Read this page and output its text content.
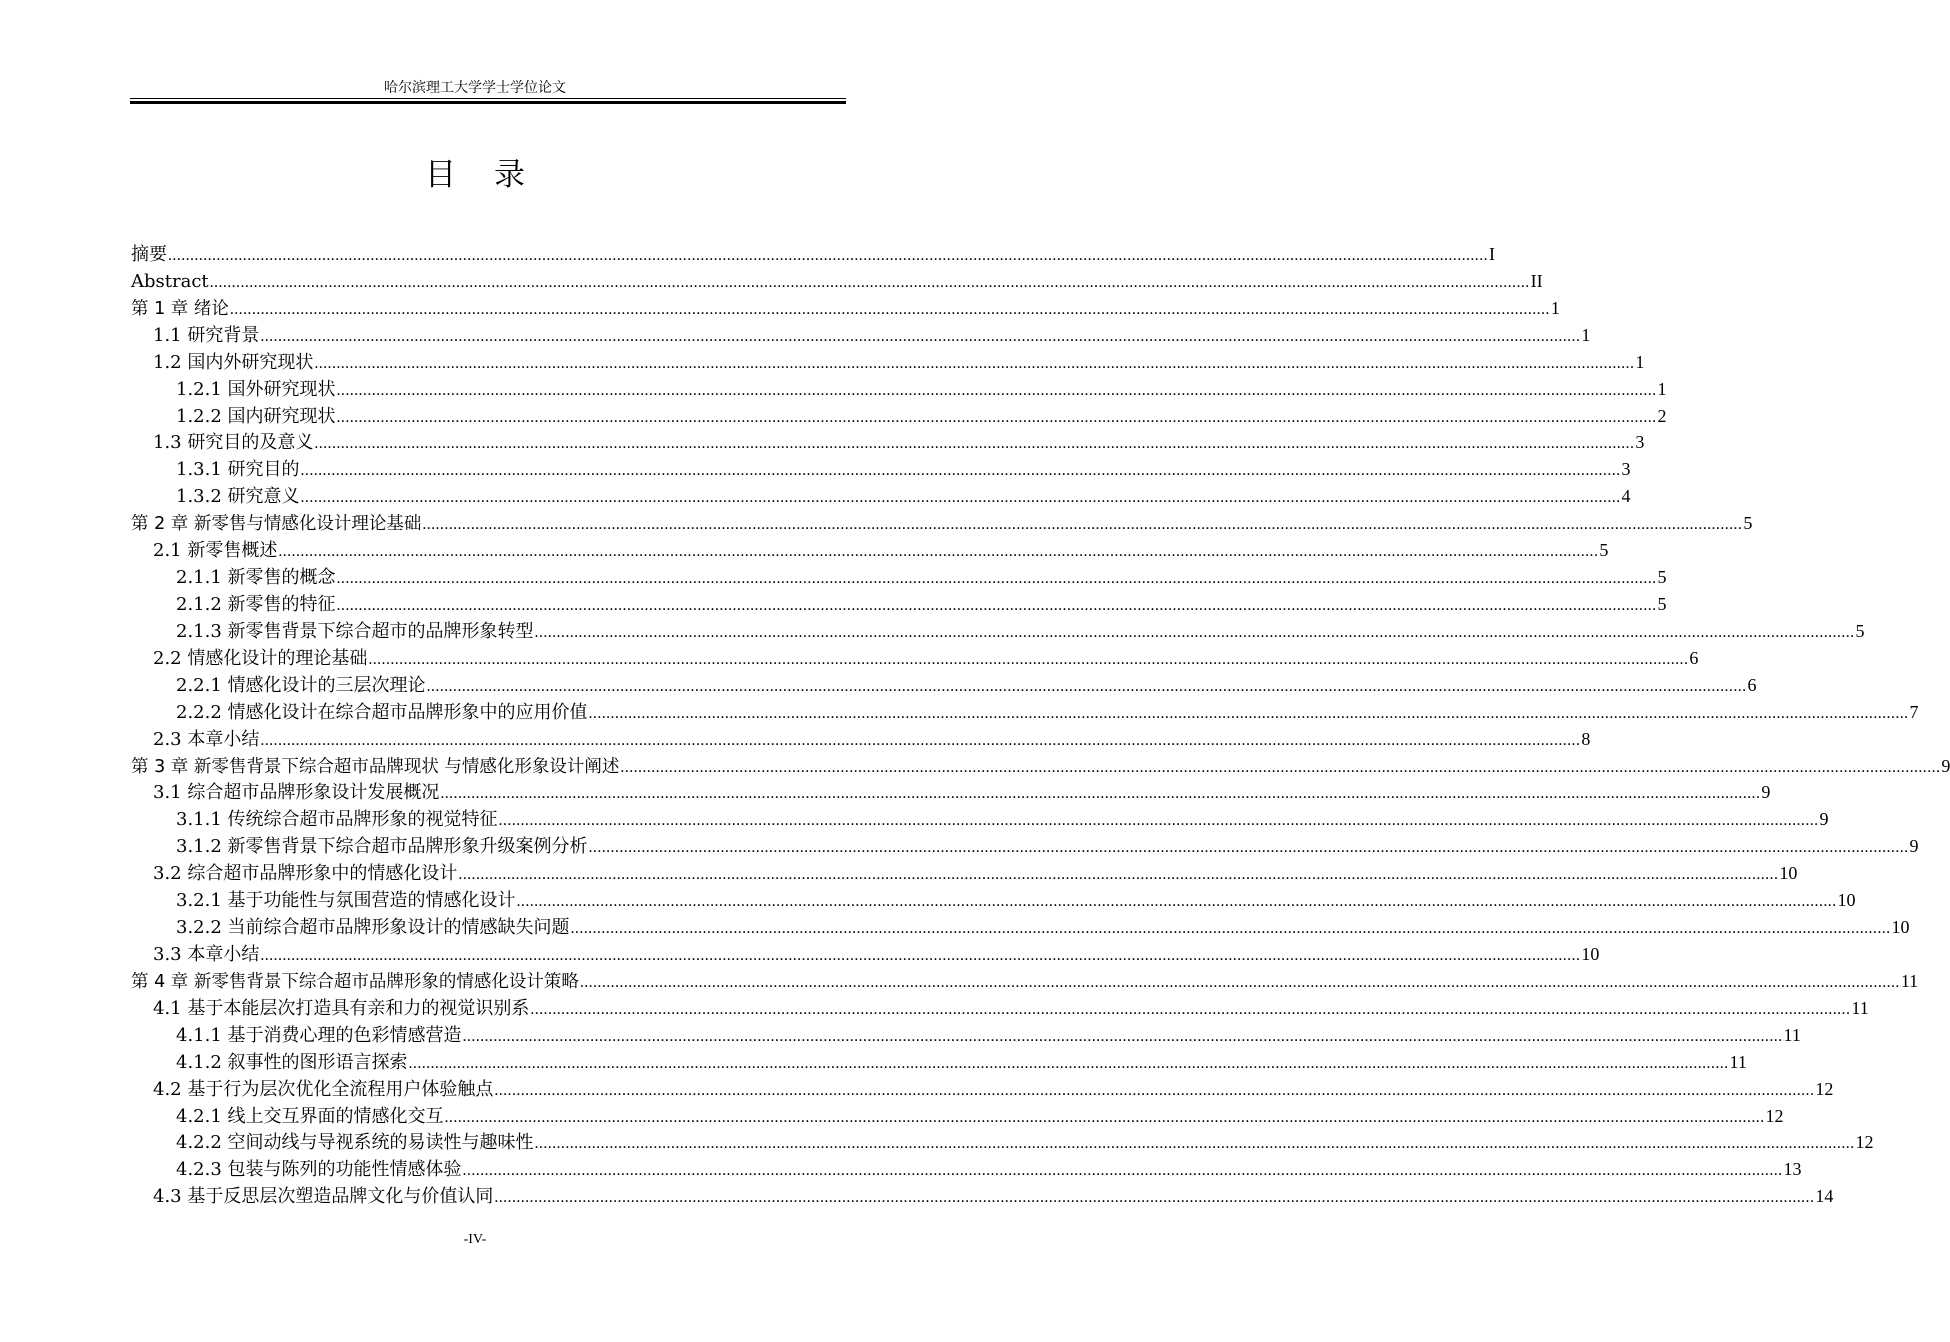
哈尔滨理工大学学士学位论文
目 录
摘要 ............................................................................................................................................................................................................................................................................................................ I
Abstract ............................................................................................................................................................................................................................................................................................................ II
第 1 章 绪论 ............................................................................................................................................................................................................................................................................................................ 1
1.1 研究背景 ............................................................................................................................................................................................................................................................................................................ 1
1.2 国内外研究现状 ............................................................................................................................................................................................................................................................................................................ 1
1.2.1 国外研究现状 ............................................................................................................................................................................................................................................................................................................ 1
1.2.2 国内研究现状 ............................................................................................................................................................................................................................................................................................................ 2
1.3 研究目的及意义 ............................................................................................................................................................................................................................................................................................................ 3
1.3.1 研究目的 ............................................................................................................................................................................................................................................................................................................ 3
1.3.2 研究意义 ............................................................................................................................................................................................................................................................................................................ 4
第 2 章 新零售与情感化设计理论基础 ............................................................................................................................................................................................................................................................................................................ 5
2.1 新零售概述 ............................................................................................................................................................................................................................................................................................................ 5
2.1.1 新零售的概念 ............................................................................................................................................................................................................................................................................................................ 5
2.1.2 新零售的特征 ............................................................................................................................................................................................................................................................................................................ 5
2.1.3 新零售背景下综合超市的品牌形象转型 ............................................................................................................................................................................................................................................................................................................ 5
2.2 情感化设计的理论基础 ............................................................................................................................................................................................................................................................................................................ 6
2.2.1 情感化设计的三层次理论 ............................................................................................................................................................................................................................................................................................................ 6
2.2.2 情感化设计在综合超市品牌形象中的应用价值 ............................................................................................................................................................................................................................................................................................................ 7
2.3 本章小结 ............................................................................................................................................................................................................................................................................................................ 8
第 3 章 新零售背景下综合超市品牌现状 与情感化形象设计阐述 ............................................................................................................................................................................................................................................................................................................ 9
3.1 综合超市品牌形象设计发展概况 ............................................................................................................................................................................................................................................................................................................ 9
3.1.1 传统综合超市品牌形象的视觉特征 ............................................................................................................................................................................................................................................................................................................ 9
3.1.2 新零售背景下综合超市品牌形象升级案例分析 ............................................................................................................................................................................................................................................................................................................ 9
3.2 综合超市品牌形象中的情感化设计 ............................................................................................................................................................................................................................................................................................................ 10
3.2.1 基于功能性与氛围营造的情感化设计 ............................................................................................................................................................................................................................................................................................................ 10
3.2.2 当前综合超市品牌形象设计的情感缺失问题 ............................................................................................................................................................................................................................................................................................................ 10
3.3 本章小结 ............................................................................................................................................................................................................................................................................................................ 10
第 4 章 新零售背景下综合超市品牌形象的情感化设计策略 ............................................................................................................................................................................................................................................................................................................ 11
4.1 基于本能层次打造具有亲和力的视觉识别系 ............................................................................................................................................................................................................................................................................................................ 11
4.1.1 基于消费心理的色彩情感营造 ............................................................................................................................................................................................................................................................................................................ 11
4.1.2 叙事性的图形语言探索 ............................................................................................................................................................................................................................................................................................................ 11
4.2 基于行为层次优化全流程用户体验触点 ............................................................................................................................................................................................................................................................................................................ 12
4.2.1 线上交互界面的情感化交互 ............................................................................................................................................................................................................................................................................................................ 12
4.2.2 空间动线与导视系统的易读性与趣味性 ............................................................................................................................................................................................................................................................................................................ 12
4.2.3 包装与陈列的功能性情感体验 ............................................................................................................................................................................................................................................................................................................ 13
4.3 基于反思层次塑造品牌文化与价值认同 ............................................................................................................................................................................................................................................................................................................ 14
-IV-
